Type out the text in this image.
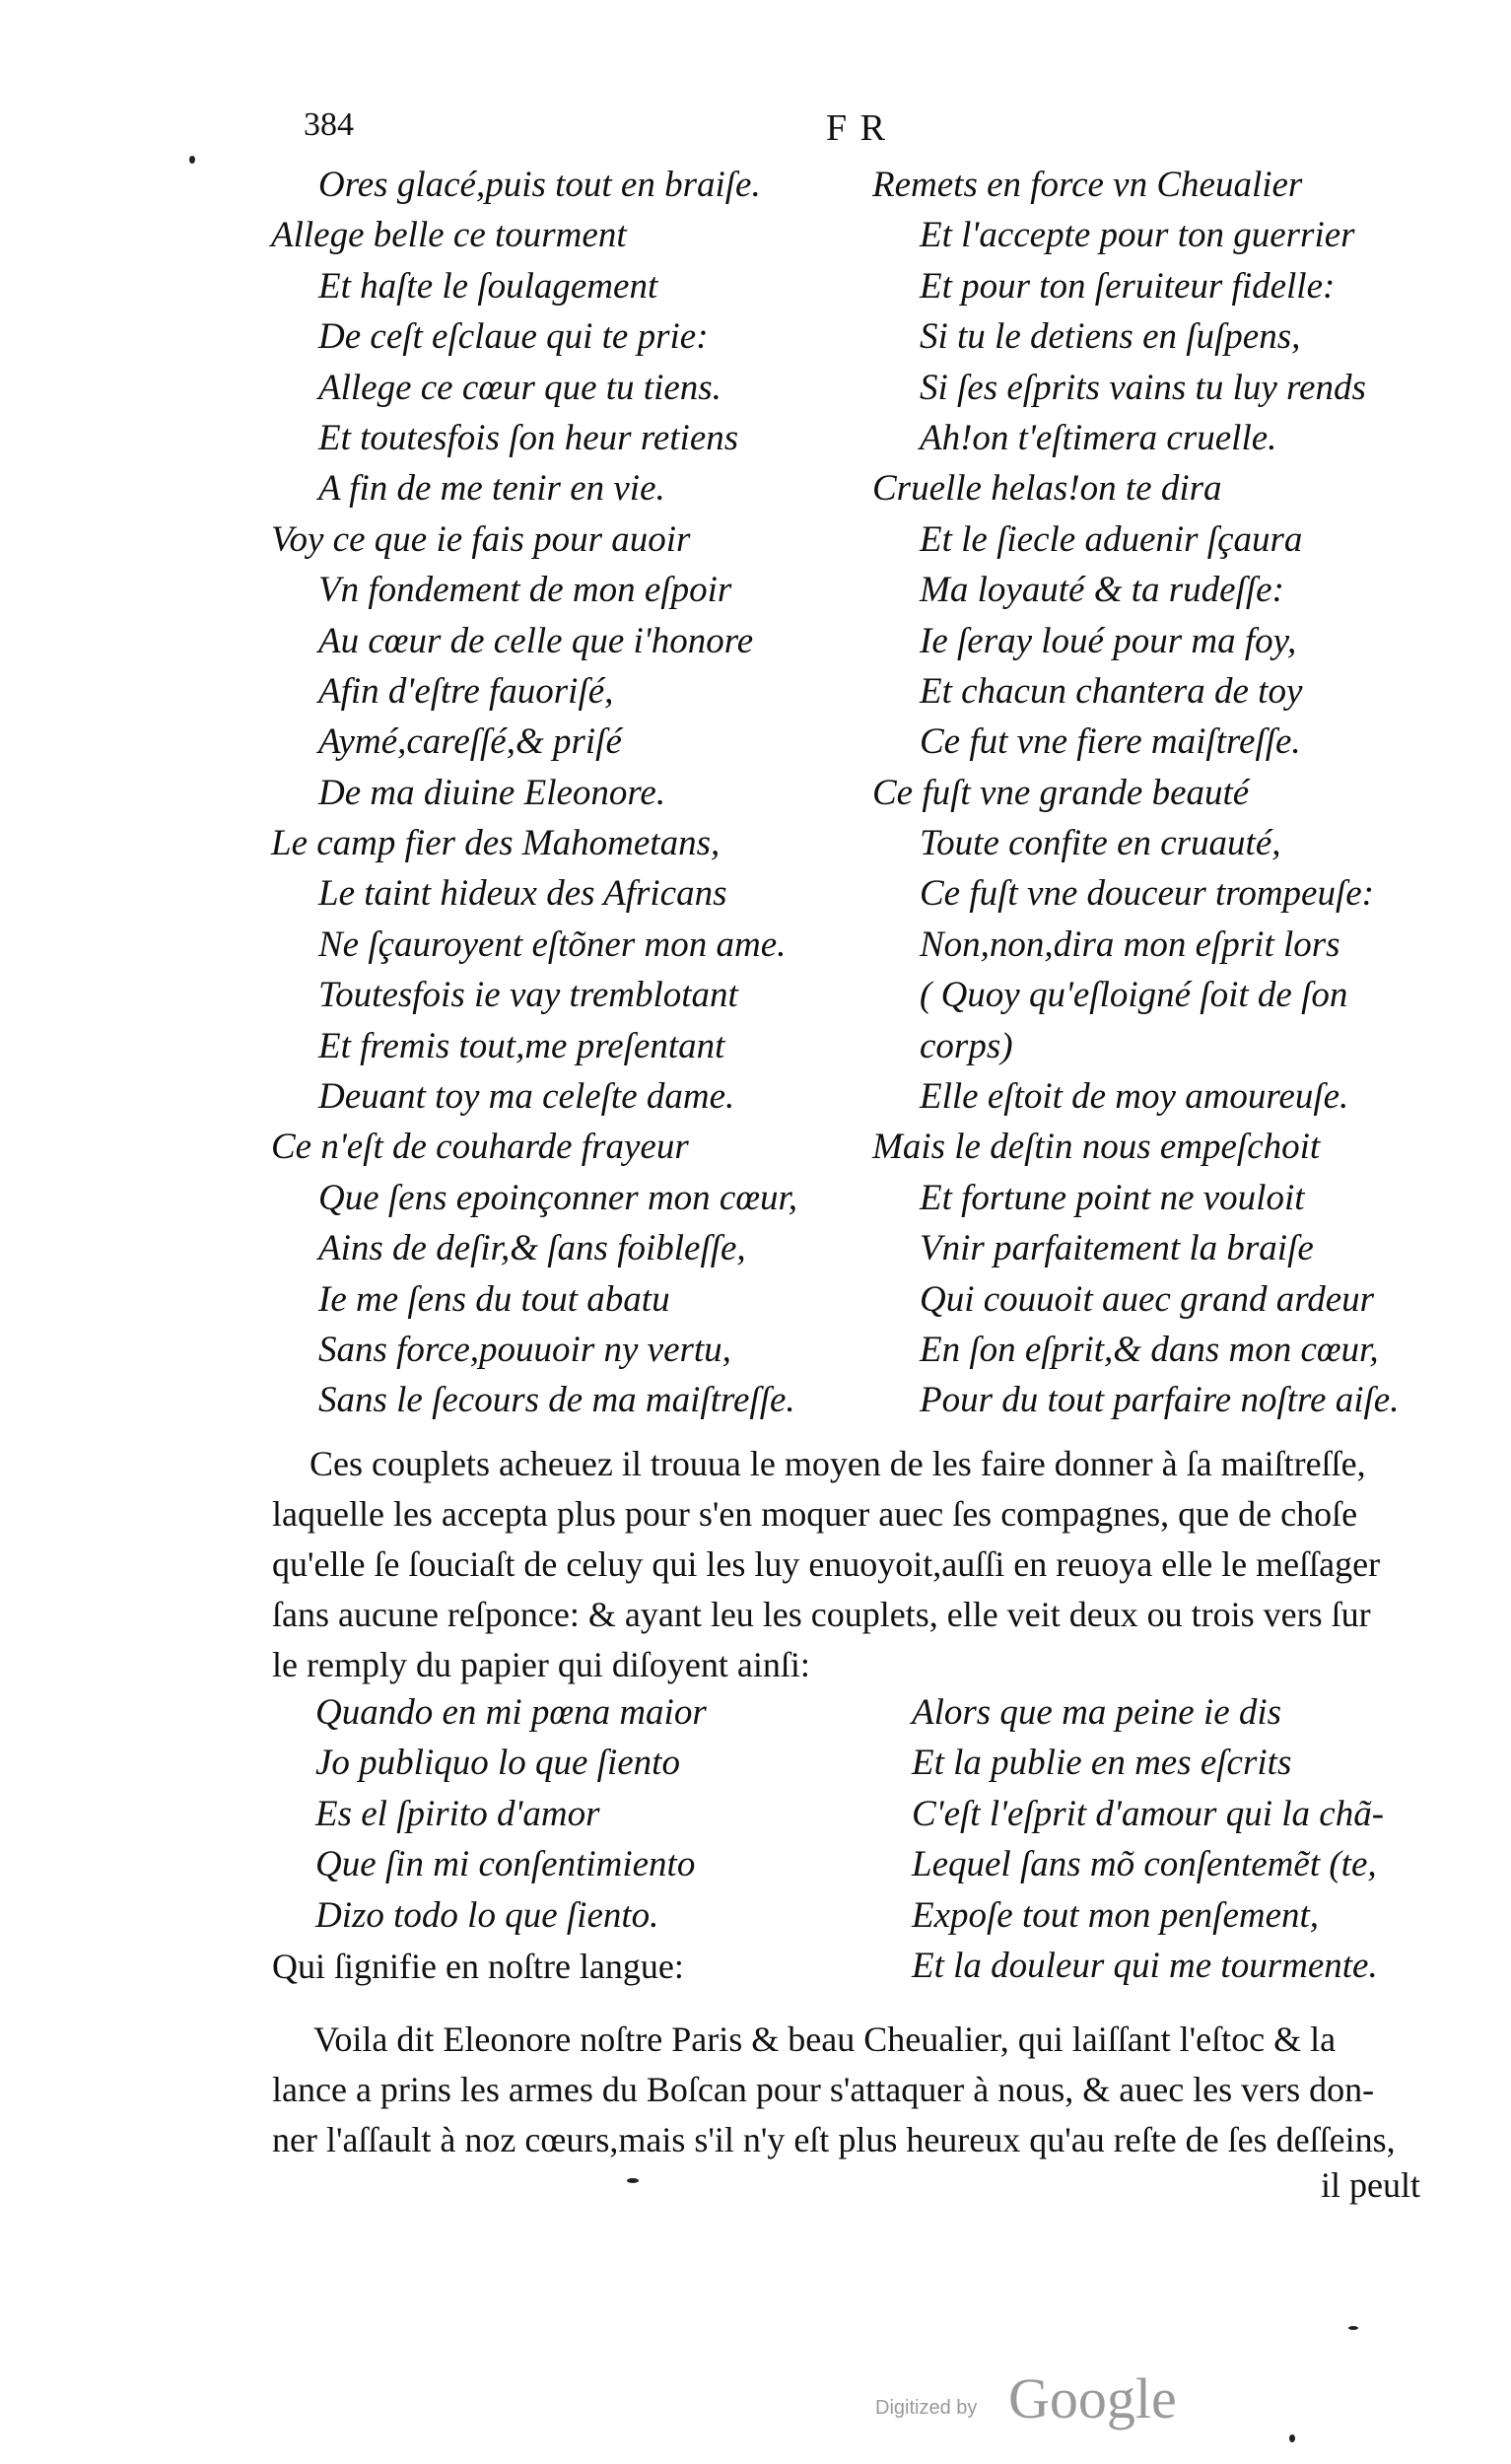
384	F R
Ores glacé,puis tout en braiſe.
Allege belle ce tourment
Et haſte le ſoulagement
De ceſt eſclaue qui te prie:
Allege ce cœur que tu tiens.
Et toutesfois ſon heur retiens
A fin de me tenir en vie.
Voy ce que ie fais pour auoir
Vn fondement de mon eſpoir
Au cœur de celle que i'honore
Afin d'eſtre fauoriſé,
Aymé,careſſé,& priſé
De ma diuine Eleonore.
Le camp fier des Mahometans,
Le taint hideux des Africans
Ne ſçauroyent eſtõner mon ame.
Toutesfois ie vay tremblotant
Et fremis tout,me preſentant
Deuant toy ma celeſte dame.
Ce n'eſt de couharde frayeur
Que ſens epoinçonner mon cœur,
Ains de deſir,& ſans foibleſſe,
Ie me ſens du tout abatu
Sans force,pouuoir ny vertu,
Sans le ſecours de ma maiſtreſſe.
Remets en force vn Cheualier
Et l'accepte pour ton guerrier
Et pour ton ſeruiteur fidelle:
Si tu le detiens en ſuſpens,
Si ſes eſprits vains tu luy rends
Ah!on t'eſtimera cruelle.
Cruelle helas!on te dira
Et le ſiecle aduenir ſçaura
Ma loyauté & ta rudeſſe:
Ie ſeray loué pour ma foy,
Et chacun chantera de toy
Ce fut vne fiere maiſtreſſe.
Ce fuſt vne grande beauté
Toute confite en cruauté,
Ce fuſt vne douceur trompeuſe:
Non,non,dira mon eſprit lors
( Quoy qu'eſloigné ſoit de ſon
corps)
Elle eſtoit de moy amoureuſe.
Mais le deſtin nous empeſchoit
Et fortune point ne vouloit
Vnir parfaitement la braiſe
Qui couuoit auec grand ardeur
En ſon eſprit,& dans mon cœur,
Pour du tout parfaire noſtre aiſe.
Ces couplets acheuez il trouua le moyen de les faire donner à ſa maiſtreſſe,
laquelle les accepta plus pour s'en moquer auec ſes compagnes, que de choſe
qu'elle ſe ſouciaſt de celuy qui les luy enuoyoit,auſſi en reuoya elle le meſſager
ſans aucune reſponce: & ayant leu les couplets, elle veit deux ou trois vers ſur
le remply du papier qui diſoyent ainſi:
Quando en mi pœna maior
Jo publiquo lo que ſiento
Es el ſpirito d'amor
Que ſin mi conſentimiento
Dizo todo lo que ſiento.
Alors que ma peine ie dis
Et la publie en mes eſcrits
C'eſt l'eſprit d'amour qui la chã-
Lequel ſans mõ conſentemẽt (te,
Expoſe tout mon penſement,
Et la douleur qui me tourmente.
Qui ſignifie en noſtre langue:
Voila dit Eleonore noſtre Paris & beau Cheualier, qui laiſſant l'eſtoc & la
lance a prins les armes du Boſcan pour s'attaquer à nous, & auec les vers don-
ner l'aſſault à noz cœurs,mais s'il n'y eſt plus heureux qu'au reſte de ſes deſſeins,
il peult
Digitized by Google
